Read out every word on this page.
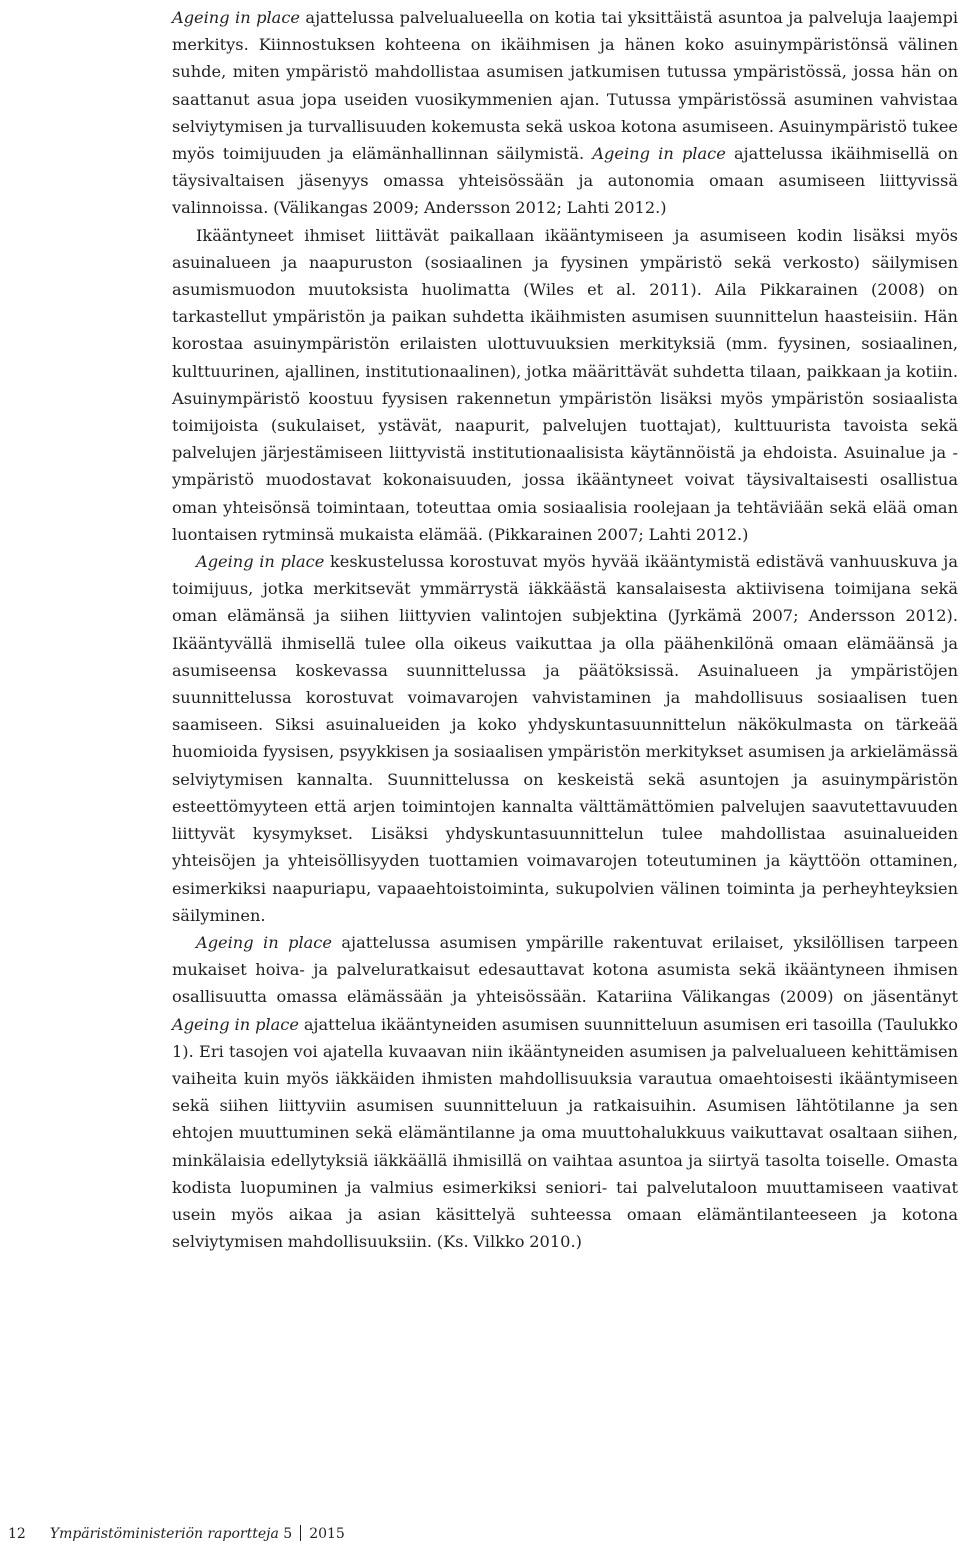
Ageing in place ajattelussa palvelualueella on kotia tai yksittäistä asuntoa ja palveluja laajempi merkitys. Kiinnostuksen kohteena on ikäihmisen ja hänen koko asuinympäristönsä välinen suhde, miten ympäristö mahdollistaa asumisen jatkumisen tutussa ympäristössä, jossa hän on saattanut asua jopa useiden vuosikymmenien ajan. Tutussa ympäristössä asuminen vahvistaa selviytymisen ja turvallisuuden kokemusta sekä uskoa kotona asumiseen. Asuinympäristö tukee myös toimijuuden ja elämänhallinnan säilymistä. Ageing in place ajattelussa ikäihmisellä on täysivaltaisen jäsenyys omassa yhteisössään ja autonomia omaan asumiseen liittyvissä valinnoissa. (Välikangas 2009; Andersson 2012; Lahti 2012.)

Ikääntyneet ihmiset liittävät paikallaan ikääntymiseen ja asumiseen kodin lisäksi myös asuinalueen ja naapuruston (sosiaalinen ja fyysinen ympäristö sekä verkosto) säilymisen asumismuodon muutoksista huolimatta (Wiles et al. 2011). Aila Pikkarainen (2008) on tarkastellut ympäristön ja paikan suhdetta ikäihmisten asumisen suunnittelun haasteisiin. Hän korostaa asuinympäristön erilaisten ulottuvuuksien merkityksiä (mm. fyysinen, sosiaalinen, kulttuurinen, ajallinen, institutionaalinen), jotka määrittävät suhdetta tilaan, paikkaan ja kotiin. Asuinympäristö koostuu fyysisen rakennetun ympäristön lisäksi myös ympäristön sosiaalista toimijoista (sukulaiset, ystävät, naapurit, palvelujen tuottajat), kulttuurista tavoista sekä palvelujen järjestämiseen liittyvistä institutionaalisista käytännöistä ja ehdoista. Asuinalue ja -ympäristö muodostavat kokonaisuuden, jossa ikääntyneet voivat täysivaltaisesti osallistua oman yhteisönsä toimintaan, toteuttaa omia sosiaalisia roolejaan ja tehtäviään sekä elää oman luontaisen rytminsä mukaista elämää. (Pikkarainen 2007; Lahti 2012.)

Ageing in place keskustelussa korostuvat myös hyvää ikääntymistä edistävä vanhuuskuva ja toimijuus, jotka merkitsevät ymmärrystä iäkkäästä kansalaisesta aktiivisena toimijana sekä oman elämänsä ja siihen liittyvien valintojen subjektina (Jyrkämä 2007; Andersson 2012). Ikääntyvällä ihmisellä tulee olla oikeus vaikuttaa ja olla päähenkilönä omaan elämäänsä ja asumiseensa koskevassa suunnittelussa ja päätöksissä. Asuinalueen ja ympäristöjen suunnittelussa korostuvat voimavarojen vahvistaminen ja mahdollisuus sosiaalisen tuen saamiseen. Siksi asuinalueiden ja koko yhdyskuntasuunnittelun näkökulmasta on tärkeää huomioida fyysisen, psyykkisen ja sosiaalisen ympäristön merkitykset asumisen ja arkielämässä selviytymisen kannalta. Suunnittelussa on keskeistä sekä asuntojen ja asuinympäristön esteettömyyteen että arjen toimintojen kannalta välttämättömien palvelujen saavutettavuuden liittyvät kysymykset. Lisäksi yhdyskuntasuunnittelun tulee mahdollistaa asuinalueiden yhteisöjen ja yhteisöllisyyden tuottamien voimavarojen toteutuminen ja käyttöön ottaminen, esimerkiksi naapuriapu, vapaaehtoistoiminta, sukupolvien välinen toiminta ja perheyhteyksien säilyminen.

Ageing in place ajattelussa asumisen ympärille rakentuvat erilaiset, yksilöllisen tarpeen mukaiset hoiva- ja palveluratkaisut edesauttavat kotona asumista sekä ikääntyneen ihmisen osallisuutta omassa elämässään ja yhteisössään. Katariina Välikangas (2009) on jäsentänyt Ageing in place ajattelua ikääntyneiden asumisen suunnitteluun asumisen eri tasoilla (Taulukko 1). Eri tasojen voi ajatella kuvaavan niin ikääntyneiden asumisen ja palvelualueen kehittämisen vaiheita kuin myös iäkkäiden ihmisten mahdollisuuksia varautua omaehtoisesti ikääntymiseen sekä siihen liittyviin asumisen suunnitteluun ja ratkaisuihin. Asumisen lähtötilanne ja sen ehtojen muuttuminen sekä elämäntilanne ja oma muuttohalukkuus vaikuttavat osaltaan siihen, minkälaisia edellytyksiä iäkkäällä ihmisillä on vaihtaa asuntoa ja siirtyä tasolta toiselle. Omasta kodista luopuminen ja valmius esimerkiksi seniori- tai palvelutaloon muuttamiseen vaativat usein myös aikaa ja asian käsittelyä suhteessa omaan elämäntilanteeseen ja kotona selviytymisen mahdollisuuksiin. (Ks. Vilkko 2010.)

12 Ympäristöministeriön raportteja 5 2015
